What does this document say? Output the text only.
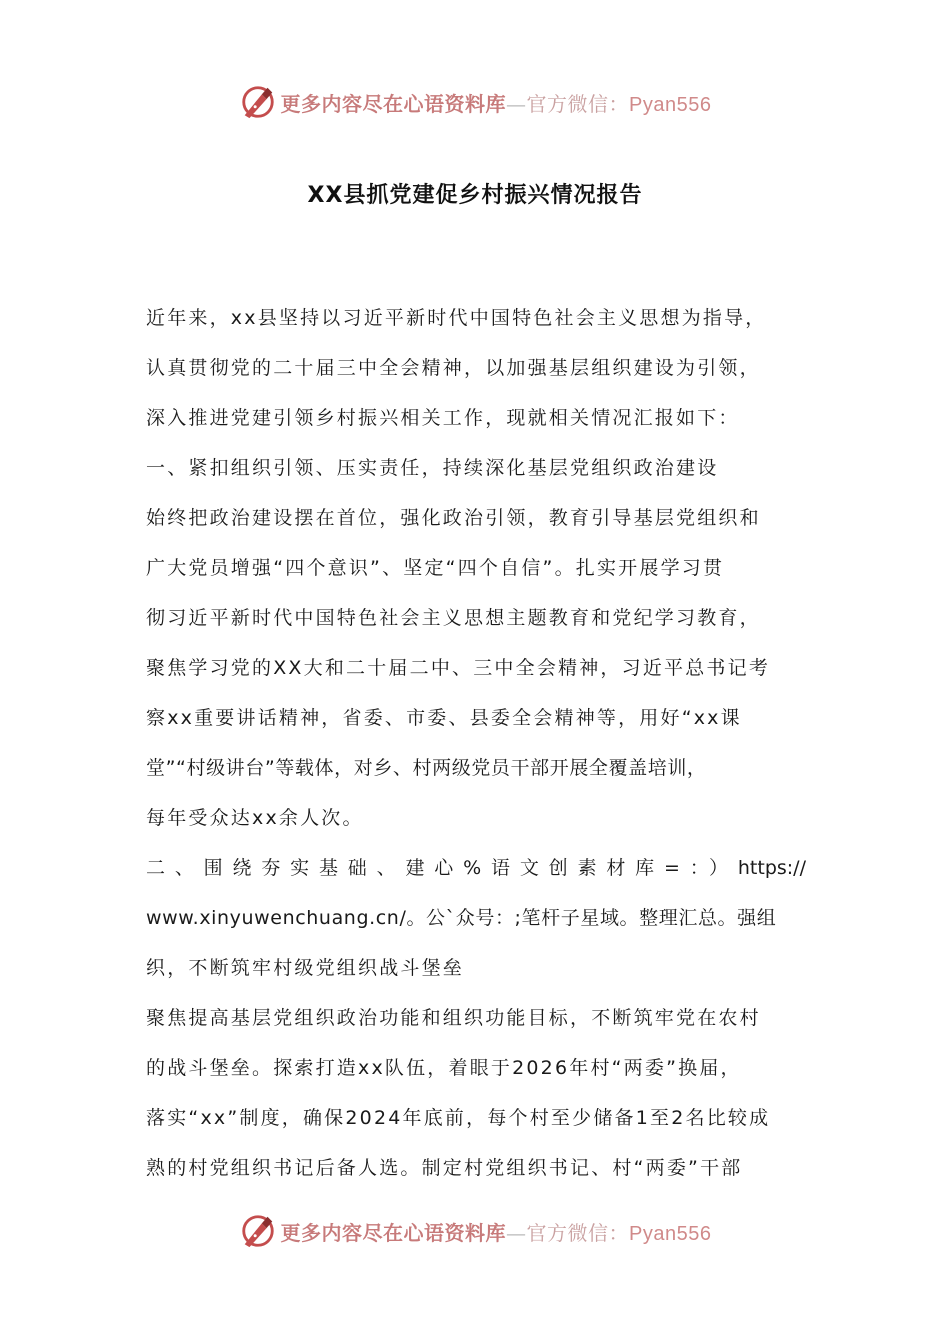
更多内容尽在心语资料库—官方微信：Pyan556
XX县抓党建促乡村振兴情况报告
近年来，xx县坚持以习近平新时代中国特色社会主义思想为指导，
认真贯彻党的二十届三中全会精神，以加强基层组织建设为引领，
深入推进党建引领乡村振兴相关工作，现就相关情况汇报如下：
一、紧扣组织引领、压实责任，持续深化基层党组织政治建设
始终把政治建设摆在首位，强化政治引领，教育引导基层党组织和
广大党员增强“四个意识”、坚定“四个自信”。扎实开展学习贯
彻习近平新时代中国特色社会主义思想主题教育和党纪学习教育，
聚焦学习党的XX大和二十届二中、三中全会精神，习近平总书记考
察xx重要讲话精神，省委、市委、县委全会精神等，用好“xx课
堂”“村级讲台”等载体，对乡、村两级党员干部开展全覆盖培训，
每年受众达xx余人次。
二、围绕夯实基础、建心%语文创素材库=：）https://
www.xinyuwenchuang.cn/。公`众号：;笔杆子星域。整理汇总。强组
织，不断筑牢村级党组织战斗堡垒
聚焦提高基层党组织政治功能和组织功能目标，不断筑牢党在农村
的战斗堡垒。探索打造xx队伍，着眼于2026年村“两委”换届，
落实“xx”制度，确保2024年底前，每个村至少储备1至2名比较成
熟的村党组织书记后备人选。制定村党组织书记、村“两委”干部
更多内容尽在心语资料库—官方微信：Pyan556
